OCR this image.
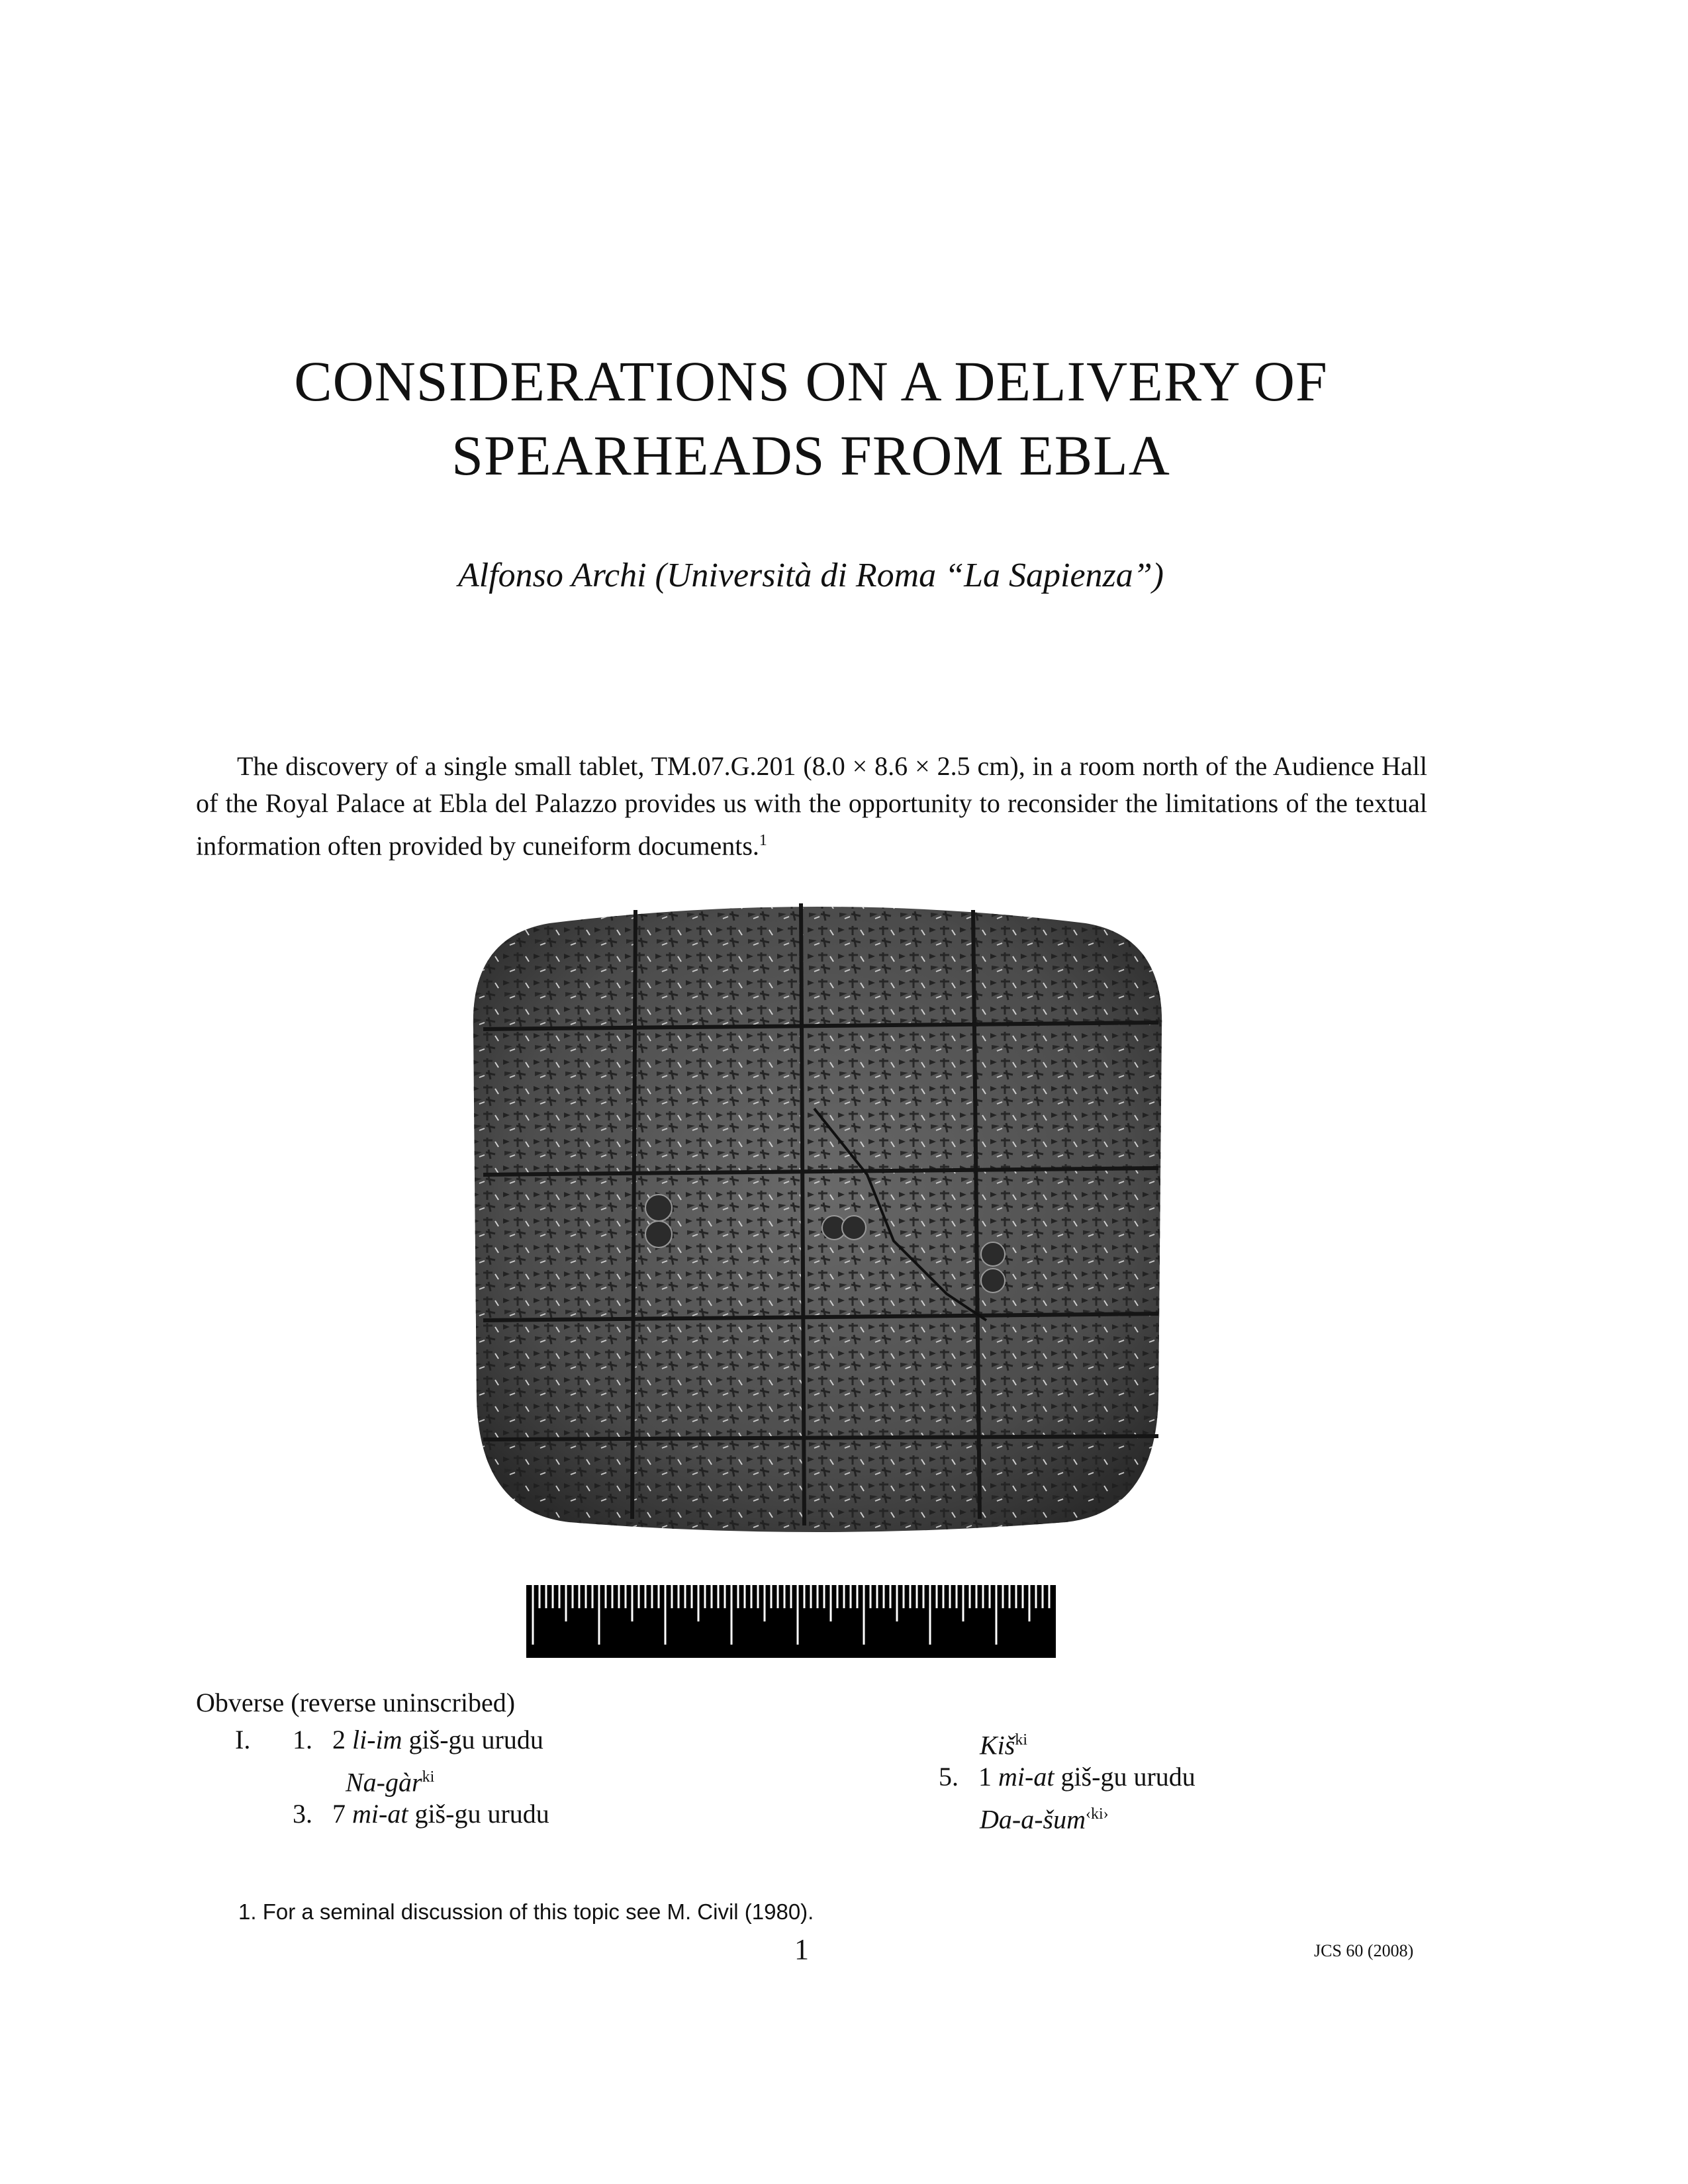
CONSIDERATIONS ON A DELIVERY OF
SPEARHEADS FROM EBLA
Alfonso Archi (Università di Roma “La Sapienza”)

The discovery of a single small tablet, TM.07.G.201 (8.0 × 8.6 × 2.5 cm), in a room north of the Audience Hall of the Royal Palace at Ebla del Palazzo provides us with the opportunity to reconsider the limitations of the textual information often provided by cuneiform documents.$^1$

Obverse (reverse uninscribed)
I. 1. 2 li-im giš-gu urudu
Na-gàr$^{ki}$
3. 7 mi-at giš-gu urudu
Kiš$^{ki}$
5. 1 mi-at giš-gu urudu
Da-a-šum$^{‹ki›}$
1. For a seminal discussion of this topic see M. Civil (1980).
1	JCS 60 (2008)
